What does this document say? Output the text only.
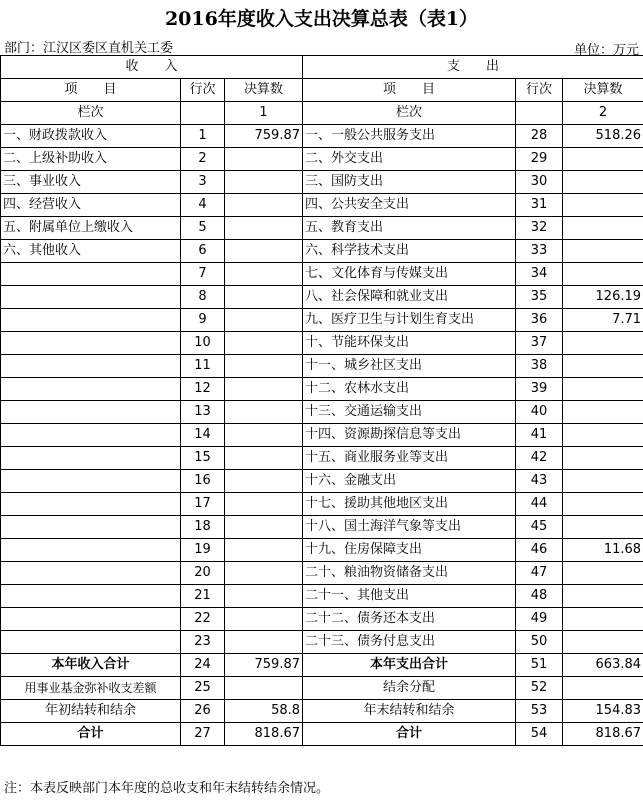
2016年度收入支出决算总表（表1）
部门：江汉区委区直机关工委	单位：万元
收　　入			支　　出		
项　　目	行次	决算数	项　　目	行次	决算数
栏次		1	栏次		2
一、财政拨款收入	1	759.87	一、一般公共服务支出	28	518.26
二、上级补助收入	2		二、外交支出	29	
三、事业收入	3		三、国防支出	30	
四、经营收入	4		四、公共安全支出	31	
五、附属单位上缴收入	5		五、教育支出	32	
六、其他收入	6		六、科学技术支出	33	
	7		七、文化体育与传媒支出	34	
	8		八、社会保障和就业支出	35	126.19
	9		九、医疗卫生与计划生育支出	36	7.71
	10		十、节能环保支出	37	
	11		十一、城乡社区支出	38	
	12		十二、农林水支出	39	
	13		十三、交通运输支出	40	
	14		十四、资源勘探信息等支出	41	
	15		十五、商业服务业等支出	42	
	16		十六、金融支出	43	
	17		十七、援助其他地区支出	44	
	18		十八、国土海洋气象等支出	45	
	19		十九、住房保障支出	46	11.68
	20		二十、粮油物资储备支出	47	
	21		二十一、其他支出	48	
	22		二十二、债务还本支出	49	
	23		二十三、债务付息支出	50	
本年收入合计	24	759.87	本年支出合计	51	663.84
用事业基金弥补收支差额	25		结余分配	52	
年初结转和结余	26	58.8	年末结转和结余	53	154.83
合计	27	818.67	合计	54	818.67
注：本表反映部门本年度的总收支和年末结转结余情况。
